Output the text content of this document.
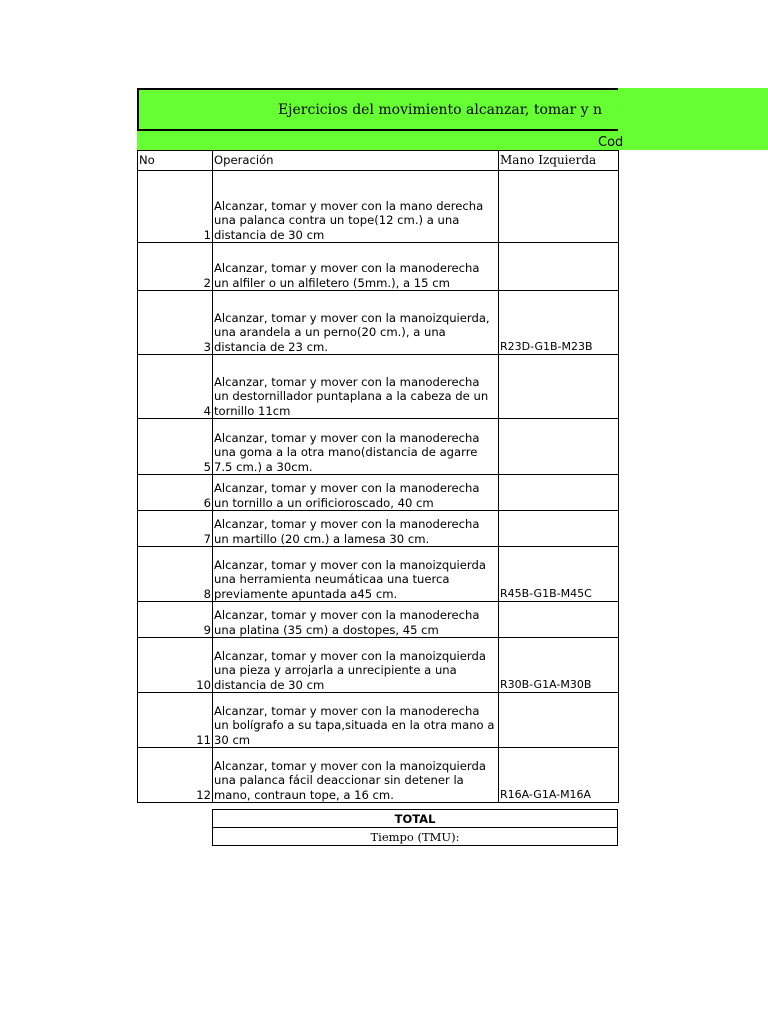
Ejercicios del movimiento alcanzar, tomar y n
Cod
No	Operación	Mano Izquierda
1	Alcanzar, tomar y mover con la mano derecha una palanca contra un tope(12 cm.) a una distancia de 30 cm	
2	Alcanzar, tomar y mover con la manoderecha un alfiler o un alfiletero (5mm.), a 15 cm	
3	Alcanzar, tomar y mover con la manoizquierda, una arandela a un perno(20 cm.), a una distancia de 23 cm.	R23D-G1B-M23B
4	Alcanzar, tomar y mover con la manoderecha un destornillador puntaplana a la cabeza de un tornillo 11cm	
5	Alcanzar, tomar y mover con la manoderecha una goma a la otra mano(distancia de agarre 7.5 cm.) a 30cm.	
6	Alcanzar, tomar y mover con la manoderecha un tornillo a un orificioroscado, 40 cm	
7	Alcanzar, tomar y mover con la manoderecha un martillo (20 cm.) a lamesa 30 cm.	
8	Alcanzar, tomar y mover con la manoizquierda una herramienta neumáticaa una tuerca previamente apuntada a45 cm.	R45B-G1B-M45C
9	Alcanzar, tomar y mover con la manoderecha una platina (35 cm) a dostopes, 45 cm	
10	Alcanzar, tomar y mover con la manoizquierda una pieza y arrojarla a unrecipiente a una distancia de 30 cm	R30B-G1A-M30B
11	Alcanzar, tomar y mover con la manoderecha un bolígrafo a su tapa,situada en la otra mano a 30 cm	
12	Alcanzar, tomar y mover con la manoizquierda una palanca fácil deaccionar sin detener la mano, contraun tope, a 16 cm.	R16A-G1A-M16A
TOTAL
Tiempo (TMU):
